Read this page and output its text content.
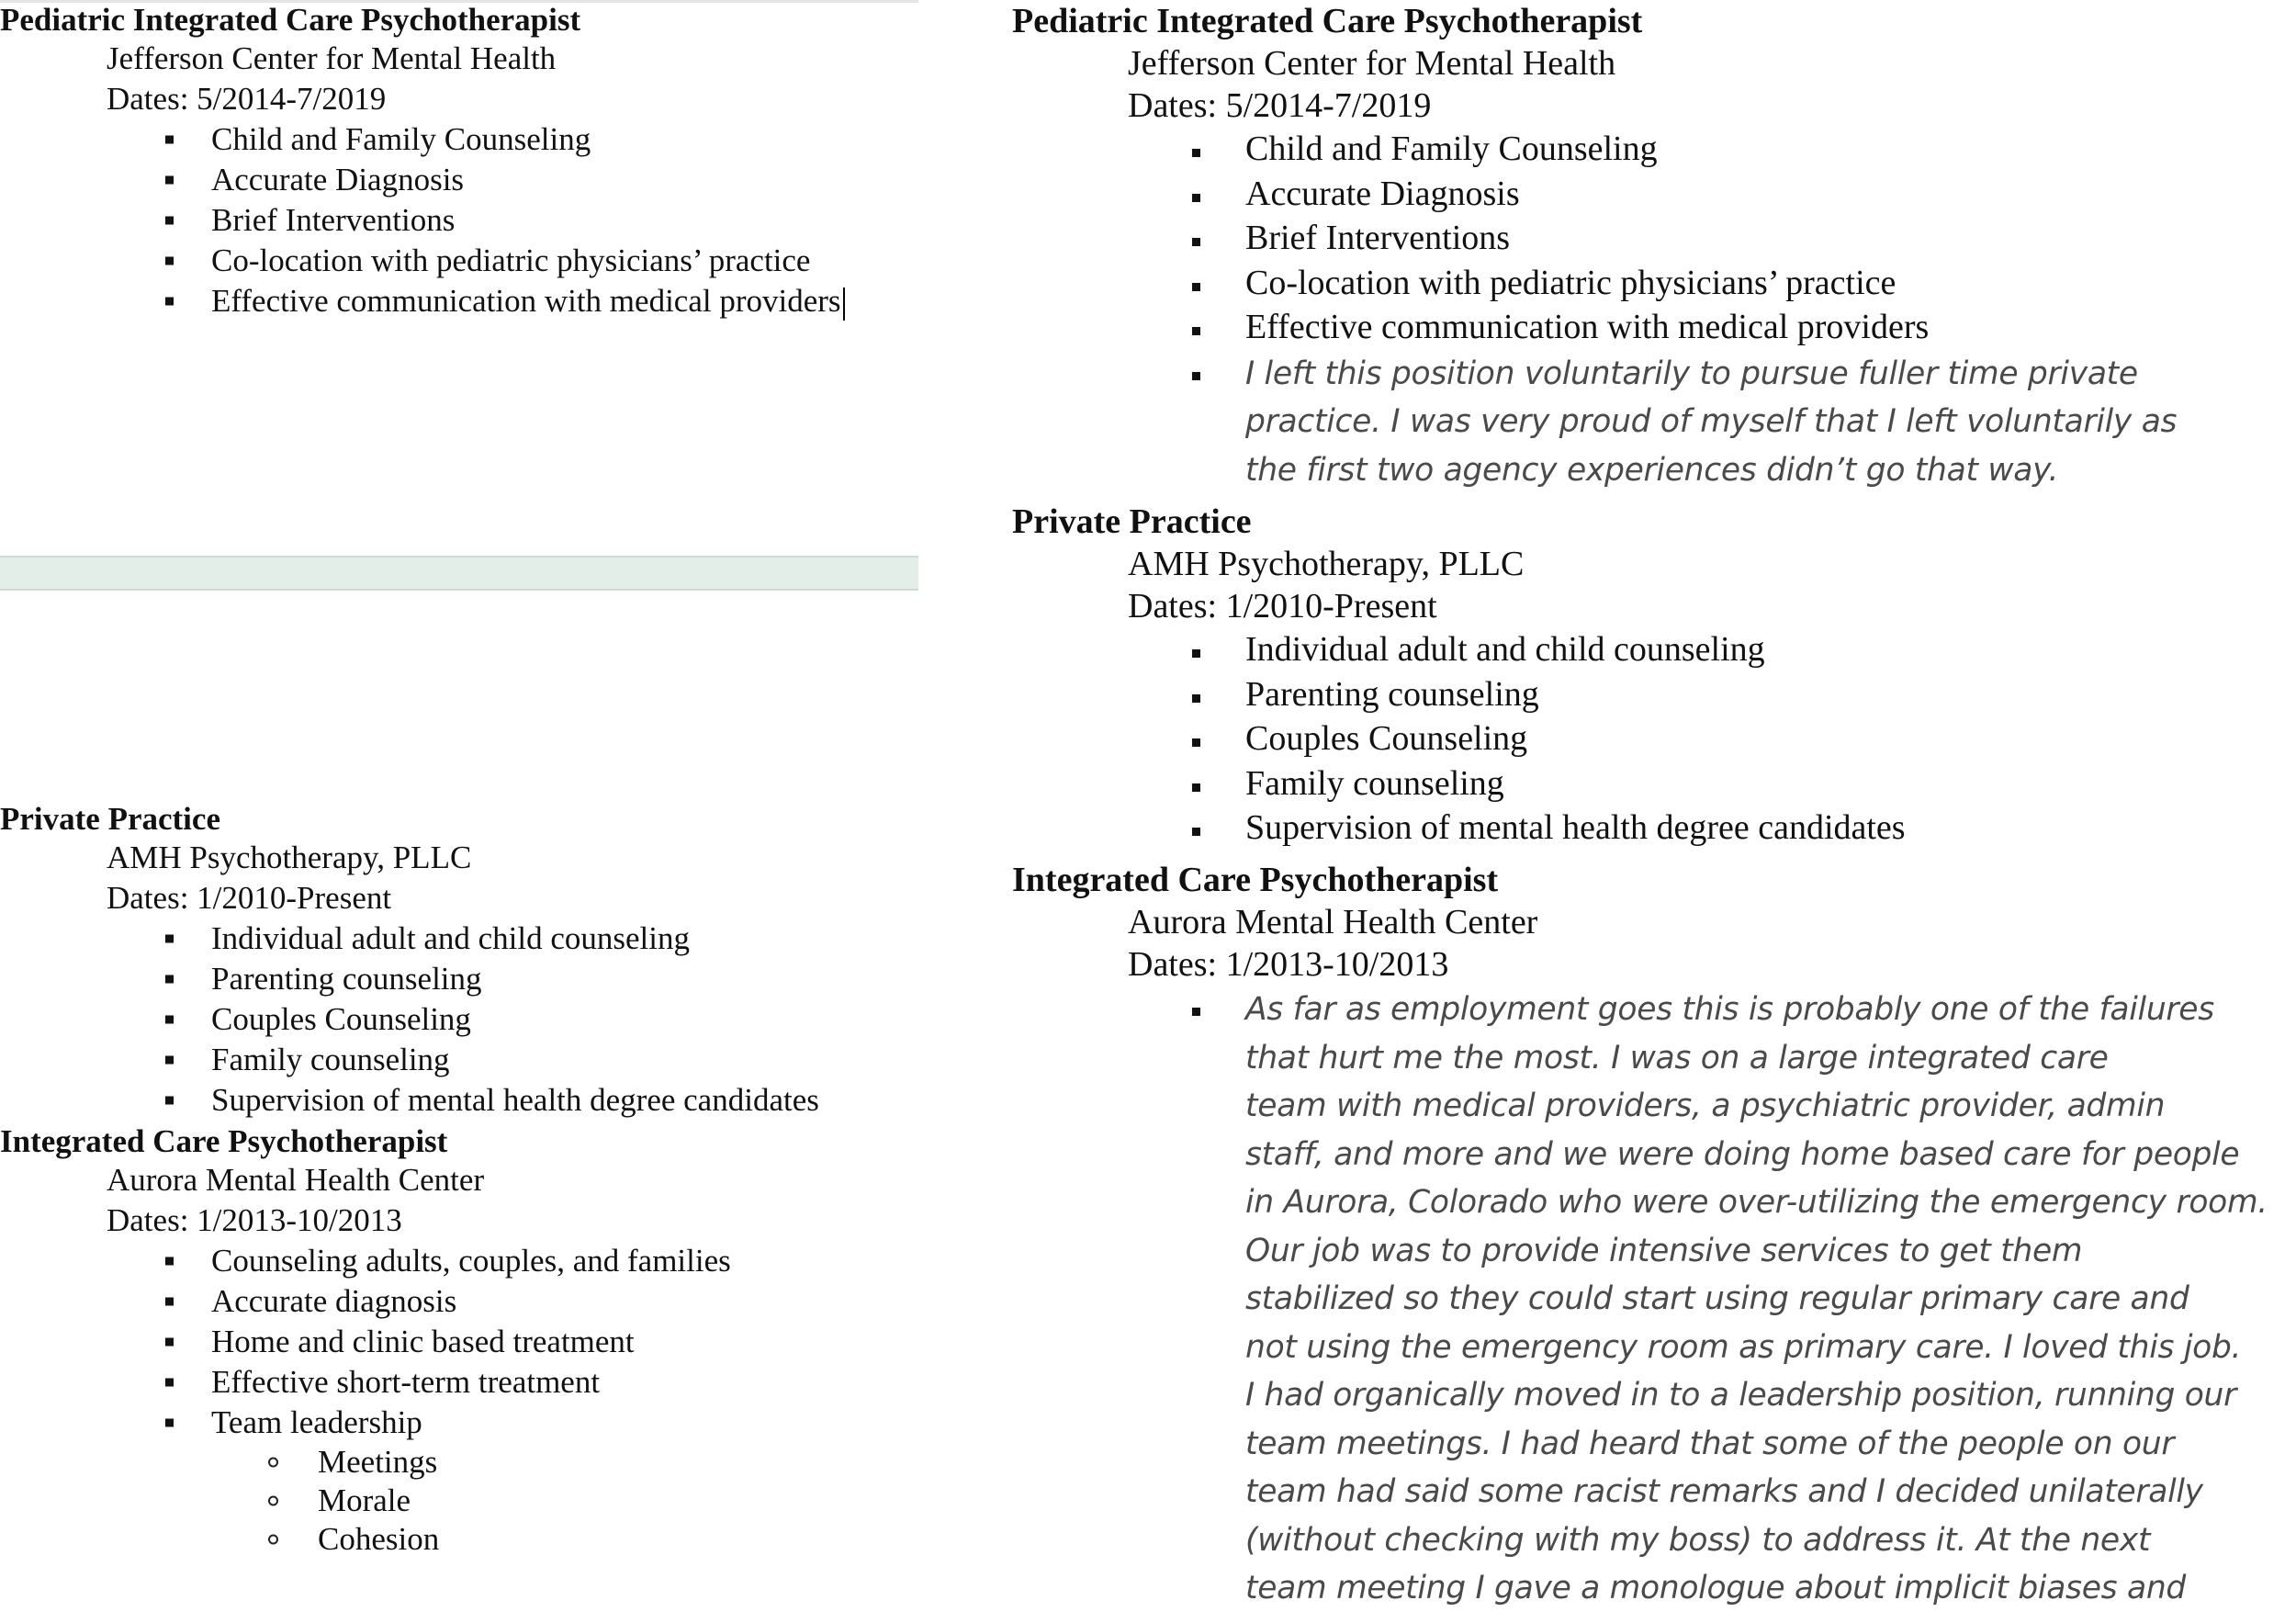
Pediatric Integrated Care Psychotherapist
Jefferson Center for Mental Health
Dates: 5/2014-7/2019
Child and Family Counseling
Accurate Diagnosis
Brief Interventions
Co-location with pediatric physicians’ practice
Effective communication with medical providers
Private Practice
AMH Psychotherapy, PLLC
Dates: 1/2010-Present
Individual adult and child counseling
Parenting counseling
Couples Counseling
Family counseling
Supervision of mental health degree candidates
Integrated Care Psychotherapist
Aurora Mental Health Center
Dates: 1/2013-10/2013
Counseling adults, couples, and families
Accurate diagnosis
Home and clinic based treatment
Effective short-term treatment
Team leadership
Meetings
Morale
Cohesion
Pediatric Integrated Care Psychotherapist
Jefferson Center for Mental Health
Dates: 5/2014-7/2019
Child and Family Counseling
Accurate Diagnosis
Brief Interventions
Co-location with pediatric physicians’ practice
Effective communication with medical providers
I left this position voluntarily to pursue fuller time private
practice. I was very proud of myself that I left voluntarily as
the first two agency experiences didn’t go that way.
Private Practice
AMH Psychotherapy, PLLC
Dates: 1/2010-Present
Individual adult and child counseling
Parenting counseling
Couples Counseling
Family counseling
Supervision of mental health degree candidates
Integrated Care Psychotherapist
Aurora Mental Health Center
Dates: 1/2013-10/2013
As far as employment goes this is probably one of the failures
that hurt me the most. I was on a large integrated care
team with medical providers, a psychiatric provider, admin
staff, and more and we were doing home based care for people
in Aurora, Colorado who were over-utilizing the emergency room.
Our job was to provide intensive services to get them
stabilized so they could start using regular primary care and
not using the emergency room as primary care. I loved this job.
I had organically moved in to a leadership position, running our
team meetings. I had heard that some of the people on our
team had said some racist remarks and I decided unilaterally
(without checking with my boss) to address it. At the next
team meeting I gave a monologue about implicit biases and
